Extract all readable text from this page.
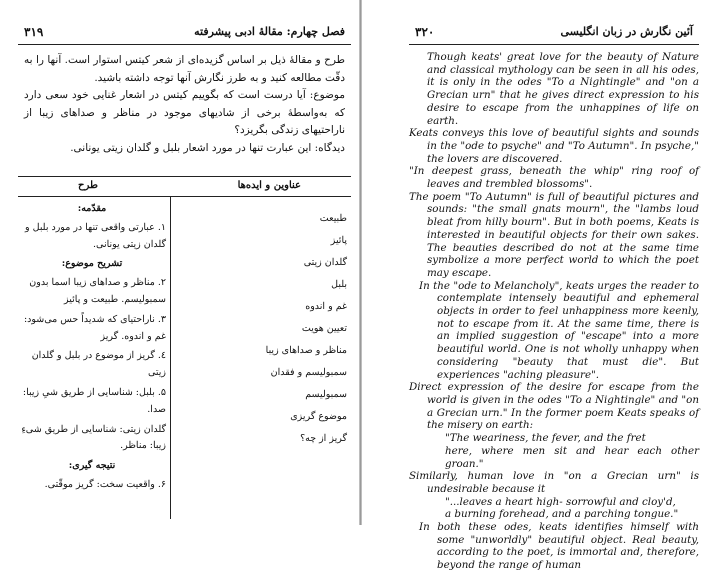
۳۱۹	فصل چهارم: مقالهٔ ادبی پیشرفته

طرح و مقالهٔ ذیل بر اساس گزیده‌ای از شعر کیتس استوار است. آنها را به دقّت مطالعه کنید و به طرز نگارش آنها توجه داشته باشید.

موضوع: آیا درست است که بگوییم کیتس در اشعار غنایی خود سعی دارد که به‌واسطهٔ برخی از شادیهای موجود در مناظر و صداهای زیبا از ناراحتیهای زندگی بگریزد؟

دیدگاه: این عبارت تنها در مورد اشعار بلبل و گلدان زیتی یونانی.

عناوین و ایده‌ها
طرح
طبیعت
پائیز
گلدان زیتی
بلبل
غم و اندوه
تعیین هویت
مناظر و صداهای زیبا
سمبولیسم و فقدان
سمبولیسم
موضوع گریزی
گریز از چه؟
مقدّمه:
۱. عبارتی واقعی تنها در مورد بلبل و گلدان زیتی یونانی.
تشریح موضوع:
۲. مناظر و صداهای زیبا اسما بدون سمبولیسم. طبیعت و پائیز
۳. ناراحتیای که شدیداً حس می‌شود: غم و اندوه. گریز
٤. گریز از موضوع در بلبل و گلدان زیتی
۵. بلبل: شناسایی از طریق شیِ زیبا: صدا.
گلدان زیتی: شناسایی از طریق شیءِ زیبا: مناظر.
نتیجه گیری:
۶. واقعیت سخت: گریز موقّتی.
۳۲۰	آئین نگارش در زبان انگلیسی

Though keats' great love for the beauty of Nature and classical mythology can be seen in all his odes, it is only in the odes "To a Nightingle" and "on a Grecian urn" that he gives direct expression to his desire to escape from the unhappines of life on earth.

Keats conveys this love of beautiful sights and sounds in the "ode to psyche" and "To Autumn". In psyche," the lovers are discovered.

"In deepest grass, beneath the whip" ring roof of leaves and trembled blossoms".

The poem "To Autumn" is full of beautiful pictures and sounds: "the small gnats mourn", the "lambs loud bleat from hilly bourn". But in both poems, Keats is interested in beautiful objects for their own sakes. The beauties described do not at the same time symbolize a more perfect world to which the poet may escape.

In the "ode to Melancholy", keats urges the reader to contemplate intensely beautiful and ephemeral objects in order to feel unhappiness more keenly, not to escape from it. At the same time, there is an implied suggestion of "escape" into a more beautiful world. One is not wholly unhappy when considering "beauty that must die". But experiences "aching pleasure".

Direct expression of the desire for escape from the world is given in the odes "To a Nightingle" and "on a Grecian urn." In the former poem Keats speaks of the misery on earth:

"The weariness, the fever, and the fret

here, where men sit and hear each other groan."

Similarly, human love in "on a Grecian urn" is undesirable because it

"...leaves a heart high- sorrowful and cloy'd,

a burning forehead, and a parching tongue."

In both these odes, keats identifies himself with some "unworldly" beautiful object. Real beauty, according to the poet, is immortal and, therefore, beyond the range of human
